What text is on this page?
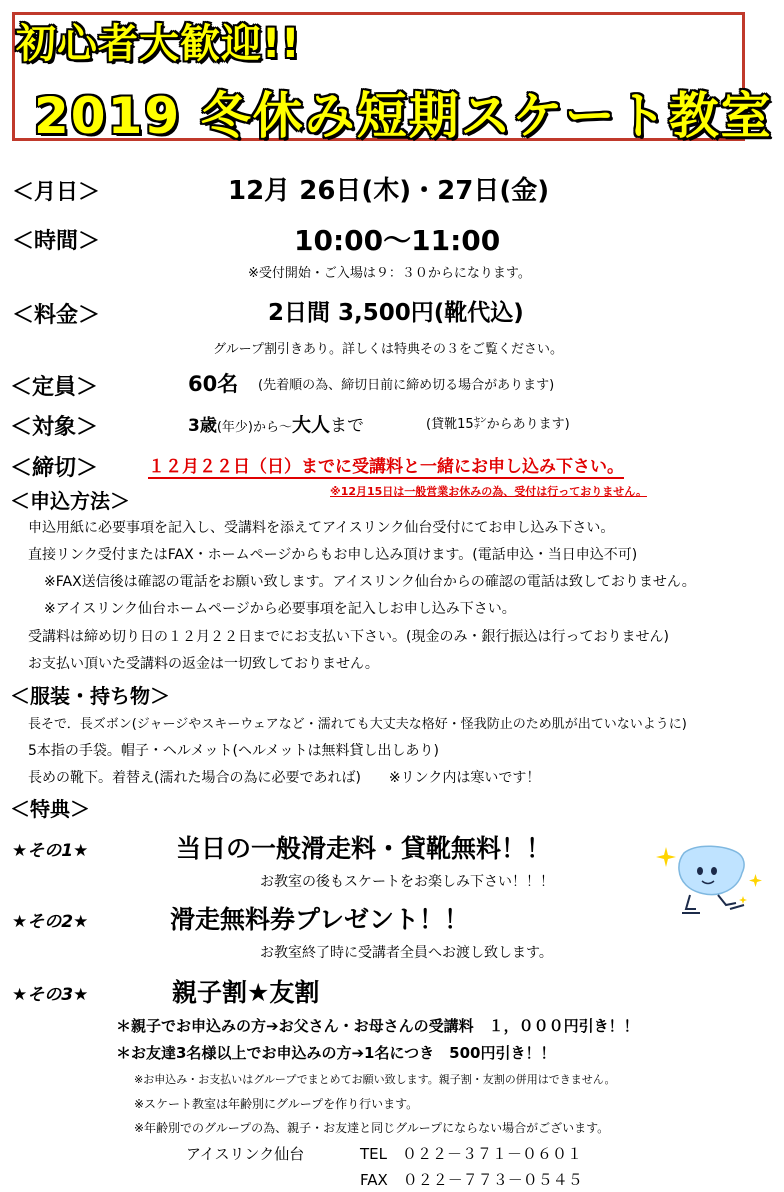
初心者大歓迎!!
2019 冬休み短期スケート教室
＜月日＞	12月 26日(木)・27日(金)
＜時間＞	10:00～11:00
※受付開始・ご入場は９：３０からになります。
＜料金＞	2日間 3,500円(靴代込)
グループ割引きあり。詳しくは特典その３をご覧ください。
＜定員＞	60名 (先着順の為、締切日前に締め切る場合があります)
＜対象＞	3歳(年少)から～大人まで	(貸靴15㌢からあります)
＜締切＞	１２月２２日（日）までに受講料と一緒にお申し込み下さい。
※12月15日は一般営業お休みの為、受付は行っておりません。
＜申込方法＞
申込用紙に必要事項を記入し、受講料を添えてアイスリンク仙台受付にてお申し込み下さい。
直接リンク受付またはFAX・ホームページからもお申し込み頂けます。(電話申込・当日申込不可)
※FAX送信後は確認の電話をお願い致します。アイスリンク仙台からの確認の電話は致しておりません。
※アイスリンク仙台ホームページから必要事項を記入しお申し込み下さい。
受講料は締め切り日の１２月２２日までにお支払い下さい。(現金のみ・銀行振込は行っておりません)
お支払い頂いた受講料の返金は一切致しておりません。
＜服装・持ち物＞
長そで．長ズボン(ジャージやスキーウェアなど・濡れても大丈夫な格好・怪我防止のため肌が出ていないように)
5本指の手袋。帽子・ヘルメット(ヘルメットは無料貸し出しあり)
長めの靴下。着替え(濡れた場合の為に必要であれば)　　※リンク内は寒いです！
＜特典＞
★その1★	当日の一般滑走料・貸靴無料！！
お教室の後もスケートをお楽しみ下さい！！！
★その2★	滑走無料券プレゼント！！
お教室終了時に受講者全員へお渡し致します。
★その3★	親子割★友割
＊親子でお申込みの方➔お父さん・お母さんの受講料　１，０００円引き！！
＊お友達3名様以上でお申込みの方➔1名につき　500円引き！！
※お申込み・お支払いはグループでまとめてお願い致します。親子割・友割の併用はできません。
※スケート教室は年齢別にグループを作り行います。
※年齢別でのグループの為、親子・お友達と同じグループにならない場合がございます。
アイスリンク仙台	TEL　０２２－３７１－０６０１
FAX　０２２－７７３－０５４５
